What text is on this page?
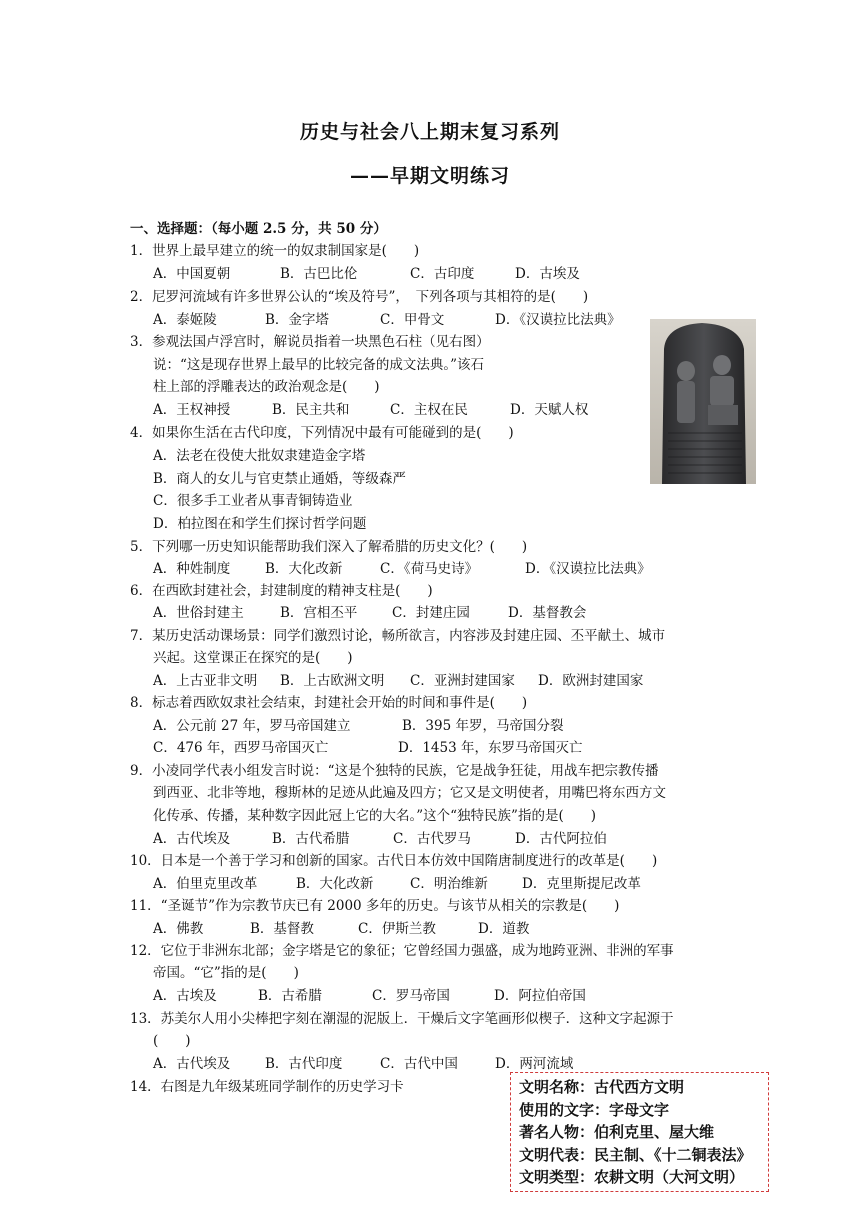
历史与社会八上期末复习系列
——早期文明练习
一、选择题：（每小题 2.5 分，共 50 分）
1．世界上最早建立的统一的奴隶制国家是(　　)
A．中国夏朝	B．古巴比伦	C．古印度	D．古埃及
2．尼罗河流域有许多世界公认的“埃及符号”，　下列各项与其相符的是(　　)
A．泰姬陵	B．金字塔	C．甲骨文	D．《汉谟拉比法典》
3．参观法国卢浮宫时，解说员指着一块黑色石柱（见右图）
说：“这是现存世界上最早的比较完备的成文法典。”该石
柱上部的浮雕表达的政治观念是(　　)
A．王权神授	B．民主共和	C．主权在民	D．天赋人权
4．如果你生活在古代印度，下列情况中最有可能碰到的是(　　)
A．法老在役使大批奴隶建造金字塔
B．商人的女儿与官吏禁止通婚，等级森严
C．很多手工业者从事青铜铸造业
D．柏拉图在和学生们探讨哲学问题
5．下列哪一历史知识能帮助我们深入了解希腊的历史文化？(　　)
A．种姓制度	B．大化改新	C．《荷马史诗》	D．《汉谟拉比法典》
6．在西欧封建社会，封建制度的精神支柱是(　　)
A．世俗封建主	B．宫相丕平	C．封建庄园	D．基督教会
7．某历史活动课场景：同学们激烈讨论，畅所欲言，内容涉及封建庄园、丕平献土、城市
兴起。这堂课正在探究的是(　　)
A．上古亚非文明 B．上古欧洲文明 C．亚洲封建国家 D．欧洲封建国家
8．标志着西欧奴隶社会结束，封建社会开始的时间和事件是(　　)
A．公元前 27 年，罗马帝国建立	B．395 年罗，马帝国分裂
C．476 年，西罗马帝国灭亡	D．1453 年，东罗马帝国灭亡
9．小凌同学代表小组发言时说：“这是个独特的民族，它是战争狂徒，用战车把宗教传播
到西亚、北非等地，穆斯林的足迹从此遍及四方；它又是文明使者，用嘴巴将东西方文
化传承、传播，某种数字因此冠上它的大名。”这个“独特民族”指的是(　　)
A．古代埃及	B．古代希腊	C．古代罗马	D．古代阿拉伯
10．日本是一个善于学习和创新的国家。古代日本仿效中国隋唐制度进行的改革是(　　)
A．伯里克里改革	B．大化改新	C．明治维新	D．克里斯提尼改革
11．“圣诞节”作为宗教节庆已有 2000 多年的历史。与该节从相关的宗教是(　　)
A．佛教	B．基督教	C．伊斯兰教	D．道教
12．它位于非洲东北部；金字塔是它的象征；它曾经国力强盛，成为地跨亚洲、非洲的军事
帝国。“它”指的是(　　)
A．古埃及	B．古希腊	C．罗马帝国	D．阿拉伯帝国
13．苏美尔人用小尖棒把字刻在潮湿的泥版上．干燥后文字笔画形似楔子．这种文字起源于
(　　)
A．古代埃及	B．古代印度	C．古代中国	D．两河流域
14．右图是九年级某班同学制作的历史学习卡	文明名称：古代西方文明
使用的文字：字母文字
著名人物：伯利克里、屋大维
文明代表：民主制、《十二铜表法》
文明类型：农耕文明（大河文明）
